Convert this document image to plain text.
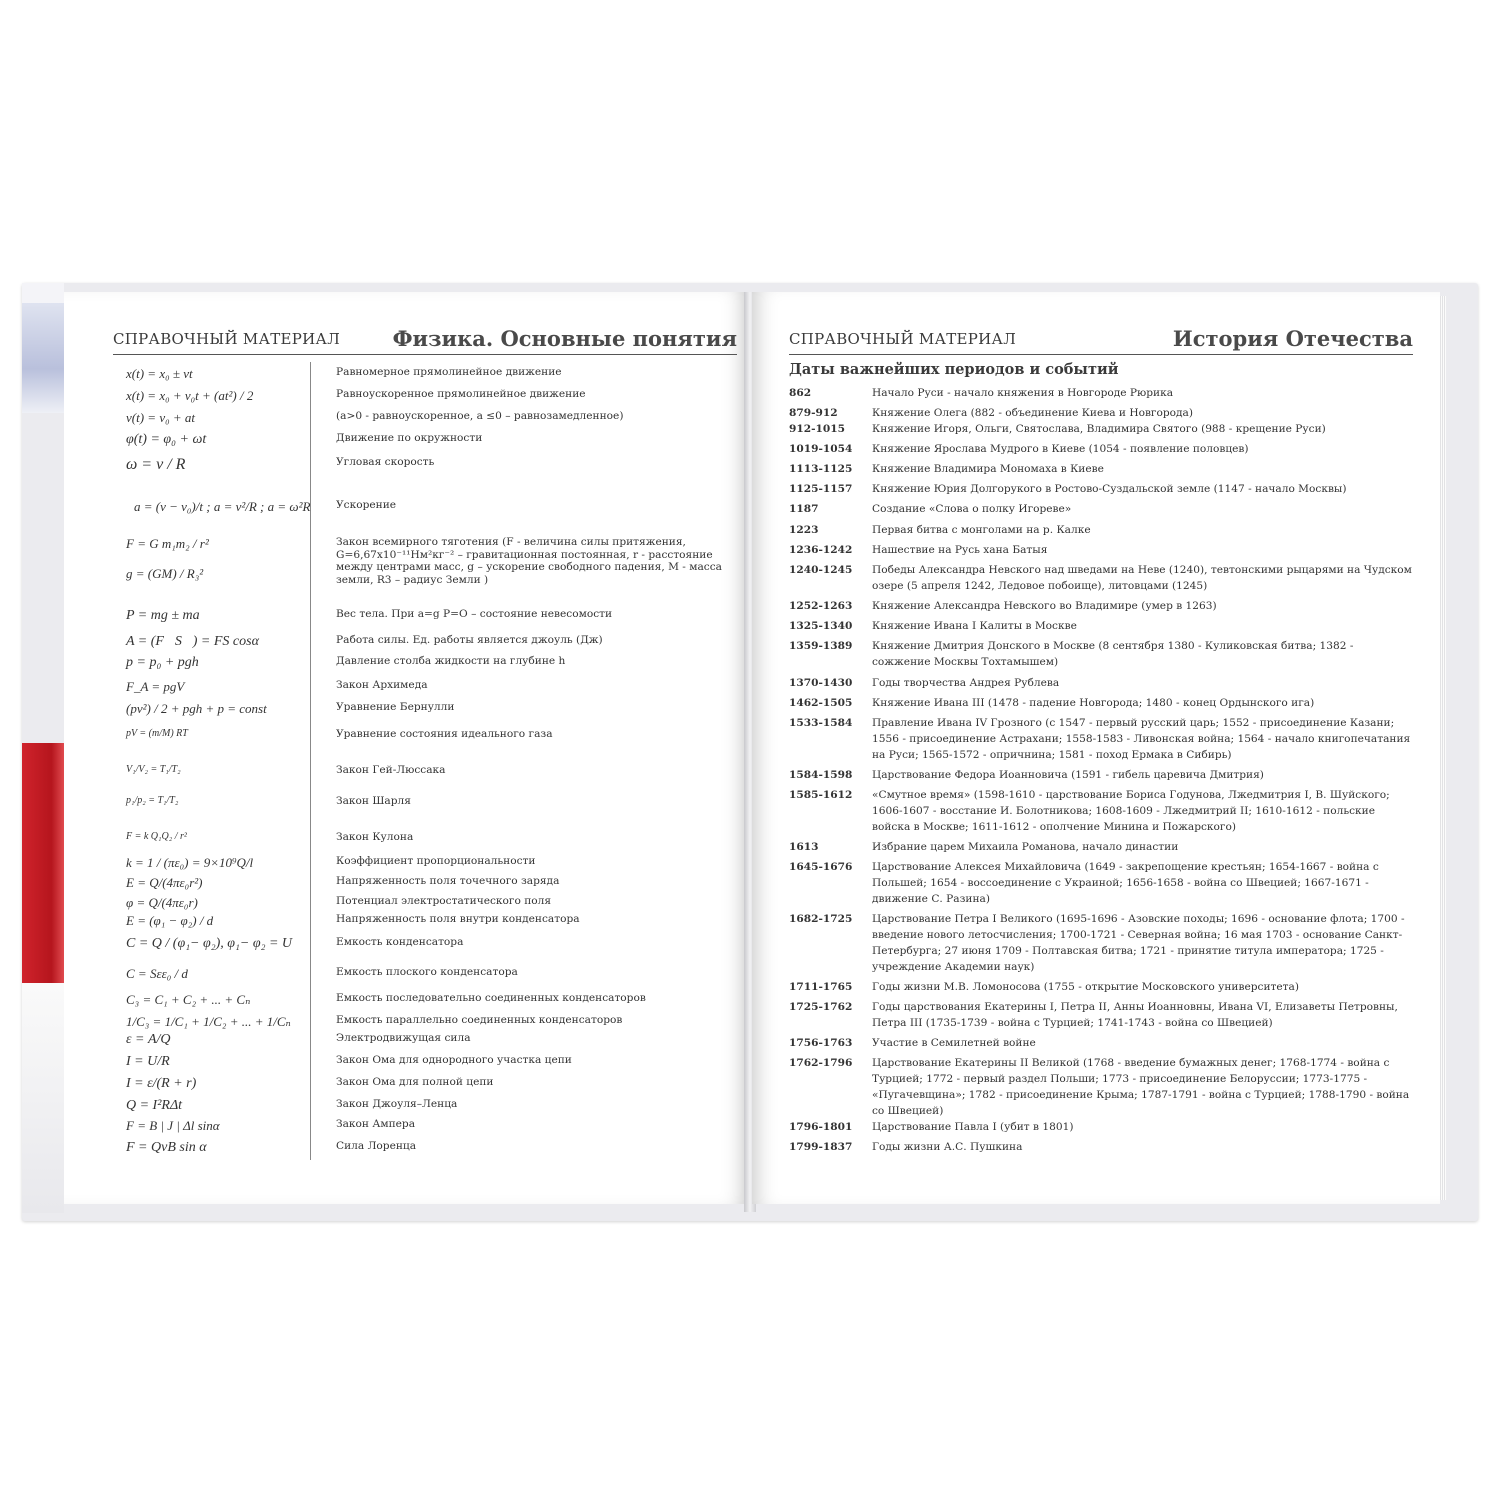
СПРАВОЧНЫЙ МАТЕРИАЛ	Физика. Основные понятия
x(t) = x₀ ± vt	Равномерное прямолинейное движение
x(t) = x₀ + v₀t + (at²) / 2	Равноускоренное прямолинейное движение
v(t) = v₀ + at	(a>0 - равноускоренное, a ≤0 – равнозамедленное)
φ(t) = φ₀ + ωt	Движение по окружности
ω = v / R	Угловая скорость
a = (v − v₀)/t ; a = v²/R ; a = ω²R Ускорение
F = G m₁m₂ / r²	Закон всемирного тяготения (F - величина силы притяжения, G=6,67x10⁻¹¹Нм²кг⁻² – гравитационная постоянная, r - расстояние между центрами масс, g – ускорение свободного падения, M - масса земли, R3 – радиус Земли )
g = (GM) / R₃²
P = mg ± ma	Вес тела. При a=g P=O – состояние невесомости
A = (F⃗S⃗) = FS cosα	Работа силы. Ед. работы является джоуль (Дж)
p = p₀ + pgh	Давление столба жидкости на глубине h
F_A = pgV	Закон Архимеда
(pv²) / 2 + pgh + p = const	Уравнение Бернулли
pV = (m/M) RT	Уравнение состояния идеального газа
V₁/V₂ = T₁/T₂	Закон Гей-Люссака
p₁/p₂ = T₁/T₂	Закон Шарля
F = k Q₁Q₂ / r²	Закон Кулона
k = 1 / (πε₀) = 9×10⁹Q/l	Коэффициент пропорциональности
E = Q/(4πε₀r²)	Напряженность поля точечного заряда
φ = Q/(4πε₀r)	Потенциал электростатического поля
E = (φ₁ − φ₂) / d	Напряженность поля внутри конденсатора
C = Q / (φ₁− φ₂), φ₁− φ₂ = U	Емкость конденсатора
C = Sεε₀ / d	Емкость плоского конденсатора
C₃ = C₁ + C₂ + ... + Cₙ	Емкость последовательно соединенных конденсаторов
1/C₃ = 1/C₁ + 1/C₂ + ... + 1/Cₙ	Емкость параллельно соединенных конденсаторов
ε = A/Q	Электродвижущая сила
I = U/R	Закон Ома для однородного участка цепи
I = ε/(R + r)	Закон Ома для полной цепи
Q = I²RΔt	Закон Джоуля–Ленца
F = B | J | Δl sinα	Закон Ампера
F = QvB sin α	Сила Лоренца
СПРАВОЧНЫЙ МАТЕРИАЛ	История Отечества
Даты важнейших периодов и событий
862	Начало Руси - начало княжения в Новгороде Рюрика
879-912	Княжение Олега (882 - объединение Киева и Новгорода)
912-1015	Княжение Игоря, Ольги, Святослава, Владимира Святого (988 - крещение Руси)
1019-1054 Княжение Ярослава Мудрого в Киеве (1054 - появление половцев)
1113-1125 Княжение Владимира Мономаха в Киеве
1125-1157 Княжение Юрия Долгорукого в Ростово-Суздальской земле (1147 - начало Москвы)
1187	Создание «Слова о полку Игореве»
1223	Первая битва с монголами на р. Калке
1236-1242 Нашествие на Русь хана Батыя
1240-1245 Победы Александра Невского над шведами на Неве (1240), тевтонскими рыцарями на Чудском озере (5 апреля 1242, Ледовое побоище), литовцами (1245)
1252-1263 Княжение Александра Невского во Владимире (умер в 1263)
1325-1340 Княжение Ивана I Калиты в Москве
1359-1389 Княжение Дмитрия Донского в Москве (8 сентября 1380 - Куликовская битва; 1382 - сожжение Москвы Тохтамышем)
1370-1430 Годы творчества Андрея Рублева
1462-1505 Княжение Ивана III (1478 - падение Новгорода; 1480 - конец Ордынского ига)
1533-1584 Правление Ивана IV Грозного (с 1547 - первый русский царь; 1552 - присоединение Казани; 1556 - присоединение Астрахани; 1558-1583 - Ливонская война; 1564 - начало книгопечатания на Руси; 1565-1572 - опричнина; 1581 - поход Ермака в Сибирь)
1584-1598 Царствование Федора Иоанновича (1591 - гибель царевича Дмитрия)
1585-1612 «Смутное время» (1598-1610 - царствование Бориса Годунова, Лжедмитрия I, В. Шуйского; 1606-1607 - восстание И. Болотникова; 1608-1609 - Лжедмитрий II; 1610-1612 - польские войска в Москве; 1611-1612 - ополчение Минина и Пожарского)
1613	Избрание царем Михаила Романова, начало династии
1645-1676 Царствование Алексея Михайловича (1649 - закрепощение крестьян; 1654-1667 - война с Польшей; 1654 - воссоединение с Украиной; 1656-1658 - война со Швецией; 1667-1671 - движение С. Разина)
1682-1725 Царствование Петра I Великого (1695-1696 - Азовские походы; 1696 - основание флота; 1700 - введение нового летосчисления; 1700-1721 - Северная война; 16 мая 1703 - основание Санкт-Петербурга; 27 июня 1709 - Полтавская битва; 1721 - принятие титула императора; 1725 - учреждение Академии наук)
1711-1765 Годы жизни М.В. Ломоносова (1755 - открытие Московского университета)
1725-1762 Годы царствования Екатерины I, Петра II, Анны Иоанновны, Ивана VI, Елизаветы Петровны, Петра III (1735-1739 - война с Турцией; 1741-1743 - война со Швецией)
1756-1763 Участие в Семилетней войне
1762-1796 Царствование Екатерины II Великой (1768 - введение бумажных денег; 1768-1774 - война с Турцией; 1772 - первый раздел Польши; 1773 - присоединение Белоруссии; 1773-1775 - «Пугачевщина»; 1782 - присоединение Крыма; 1787-1791 - война с Турцией; 1788-1790 - война со Швецией)
1796-1801 Царствование Павла I (убит в 1801)
1799-1837 Годы жизни А.С. Пушкина
